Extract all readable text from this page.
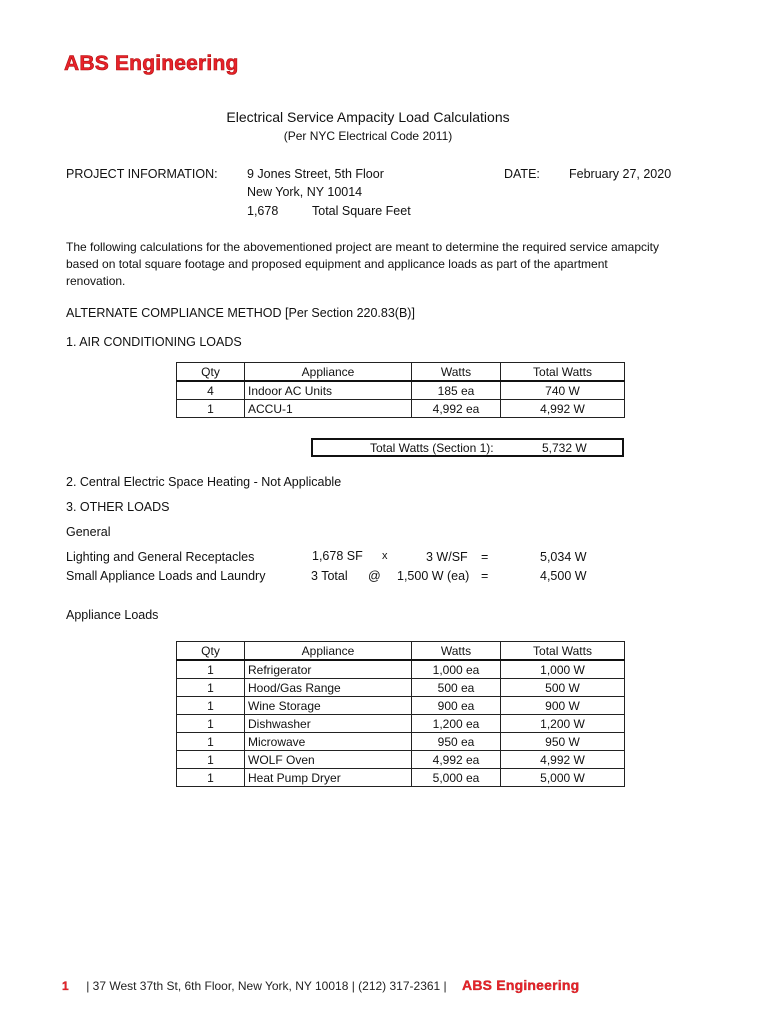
ABS Engineering
Electrical Service Ampacity Load Calculations
(Per NYC Electrical Code 2011)
PROJECT INFORMATION: 9 Jones Street, 5th Floor
New York, NY 10014
1,678	Total Square Feet
DATE: February 27, 2020
The following calculations for the abovementioned project are meant to determine the required service amapcity
based on total square footage and proposed equipment and applicance loads as part of the apartment
renovation.
ALTERNATE COMPLIANCE METHOD [Per Section 220.83(B)]
1. AIR CONDITIONING LOADS
Qty	Appliance	Watts	Total Watts
4	Indoor AC Units	185 ea	740 W
1	ACCU-1	4,992 ea	4,992 W
Total Watts (Section 1):	5,732 W
2. Central Electric Space Heating - Not Applicable
3. OTHER LOADS
General
Lighting and General Receptacles	1,678 SF x	3 W/SF =	5,034 W
Small Appliance Loads and Laundry	3 Total @ 1,500 W (ea) =	4,500 W
Appliance Loads
Qty	Appliance	Watts	Total Watts
1	Refrigerator	1,000 ea	1,000 W
1	Hood/Gas Range	500 ea	500 W
1	Wine Storage	900 ea	900 W
1	Dishwasher	1,200 ea	1,200 W
1	Microwave	950 ea	950 W
1	WOLF Oven	4,992 ea	4,992 W
1	Heat Pump Dryer	5,000 ea	5,000 W
1 | 37 West 37th St, 6th Floor, New York, NY 10018 | (212) 317-2361 | ABS Engineering
